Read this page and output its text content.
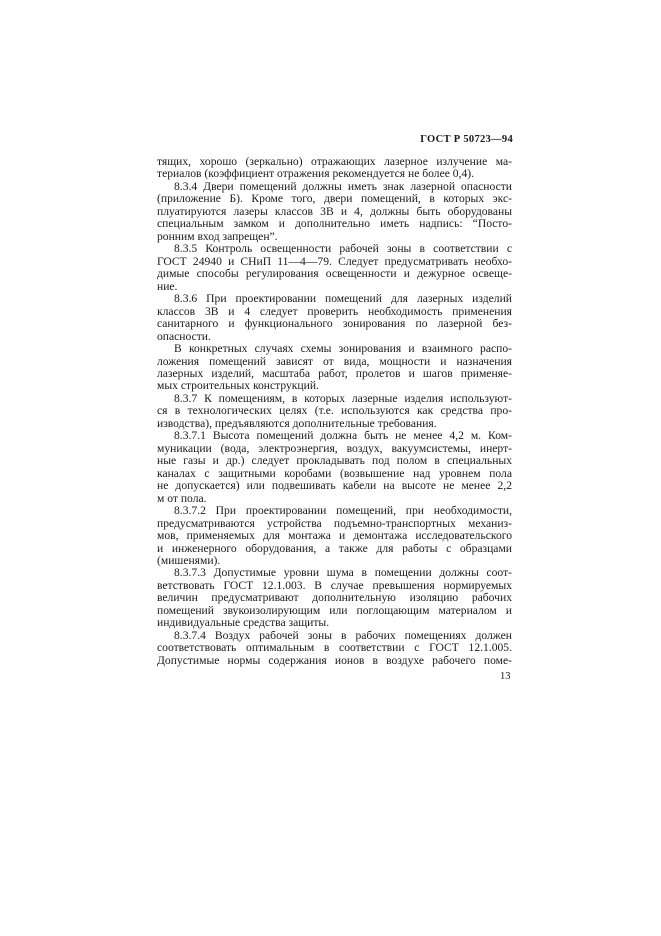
ГОСТ Р 50723—94
тящих, хорошо (зеркально) отражающих лазерное излучение ма-
териалов (коэффициент отражения рекомендуется не более 0,4).
8.3.4 Двери помещений должны иметь знак лазерной опасности
(приложение Б). Кроме того, двери помещений, в которых экс-
плуатируются лазеры классов 3В и 4, должны быть оборудованы
специальным замком и дополнительно иметь надпись: “Посто-
ронним вход запрещен”.
8.3.5 Контроль освещенности рабочей зоны в соответствии с
ГОСТ 24940 и СНиП 11—4—79. Следует предусматривать необхо-
димые способы регулирования освещенности и дежурное освеще-
ние.
8.3.6 При проектировании помещений для лазерных изделий
классов 3В и 4 следует проверить необходимость применения
санитарного и функционального зонирования по лазерной без-
опасности.
В конкретных случаях схемы зонирования и взаимного распо-
ложения помещений зависят от вида, мощности и назначения
лазерных изделий, масштаба работ, пролетов и шагов применяе-
мых строительных конструкций.
8.3.7 К помещениям, в которых лазерные изделия используют-
ся в технологических целях (т.е. используются как средства про-
изводства), предъявляются дополнительные требования.
8.3.7.1 Высота помещений должна быть не менее 4,2 м. Ком-
муникации (вода, электроэнергия, воздух, вакуумсистемы, инерт-
ные газы и др.) следует прокладывать под полом в специальных
каналах с защитными коробами (возвышение над уровнем пола
не допускается) или подвешивать кабели на высоте не менее 2,2
м от пола.
8.3.7.2 При проектировании помещений, при необходимости,
предусматриваются устройства подъемно-транспортных механиз-
мов, применяемых для монтажа и демонтажа исследовательского
и инженерного оборудования, а также для работы с образцами
(мишенями).
8.3.7.3 Допустимые уровни шума в помещении должны соот-
ветствовать ГОСТ 12.1.003. В случае превышения нормируемых
величин предусматривают дополнительную изоляцию рабочих
помещений звукоизолирующим или поглощающим материалом и
индивидуальные средства защиты.
8.3.7.4 Воздух рабочей зоны в рабочих помещениях должен
соответствовать оптимальным в соответствии с ГОСТ 12.1.005.
Допустимые нормы содержания ионов в воздухе рабочего поме-
13
